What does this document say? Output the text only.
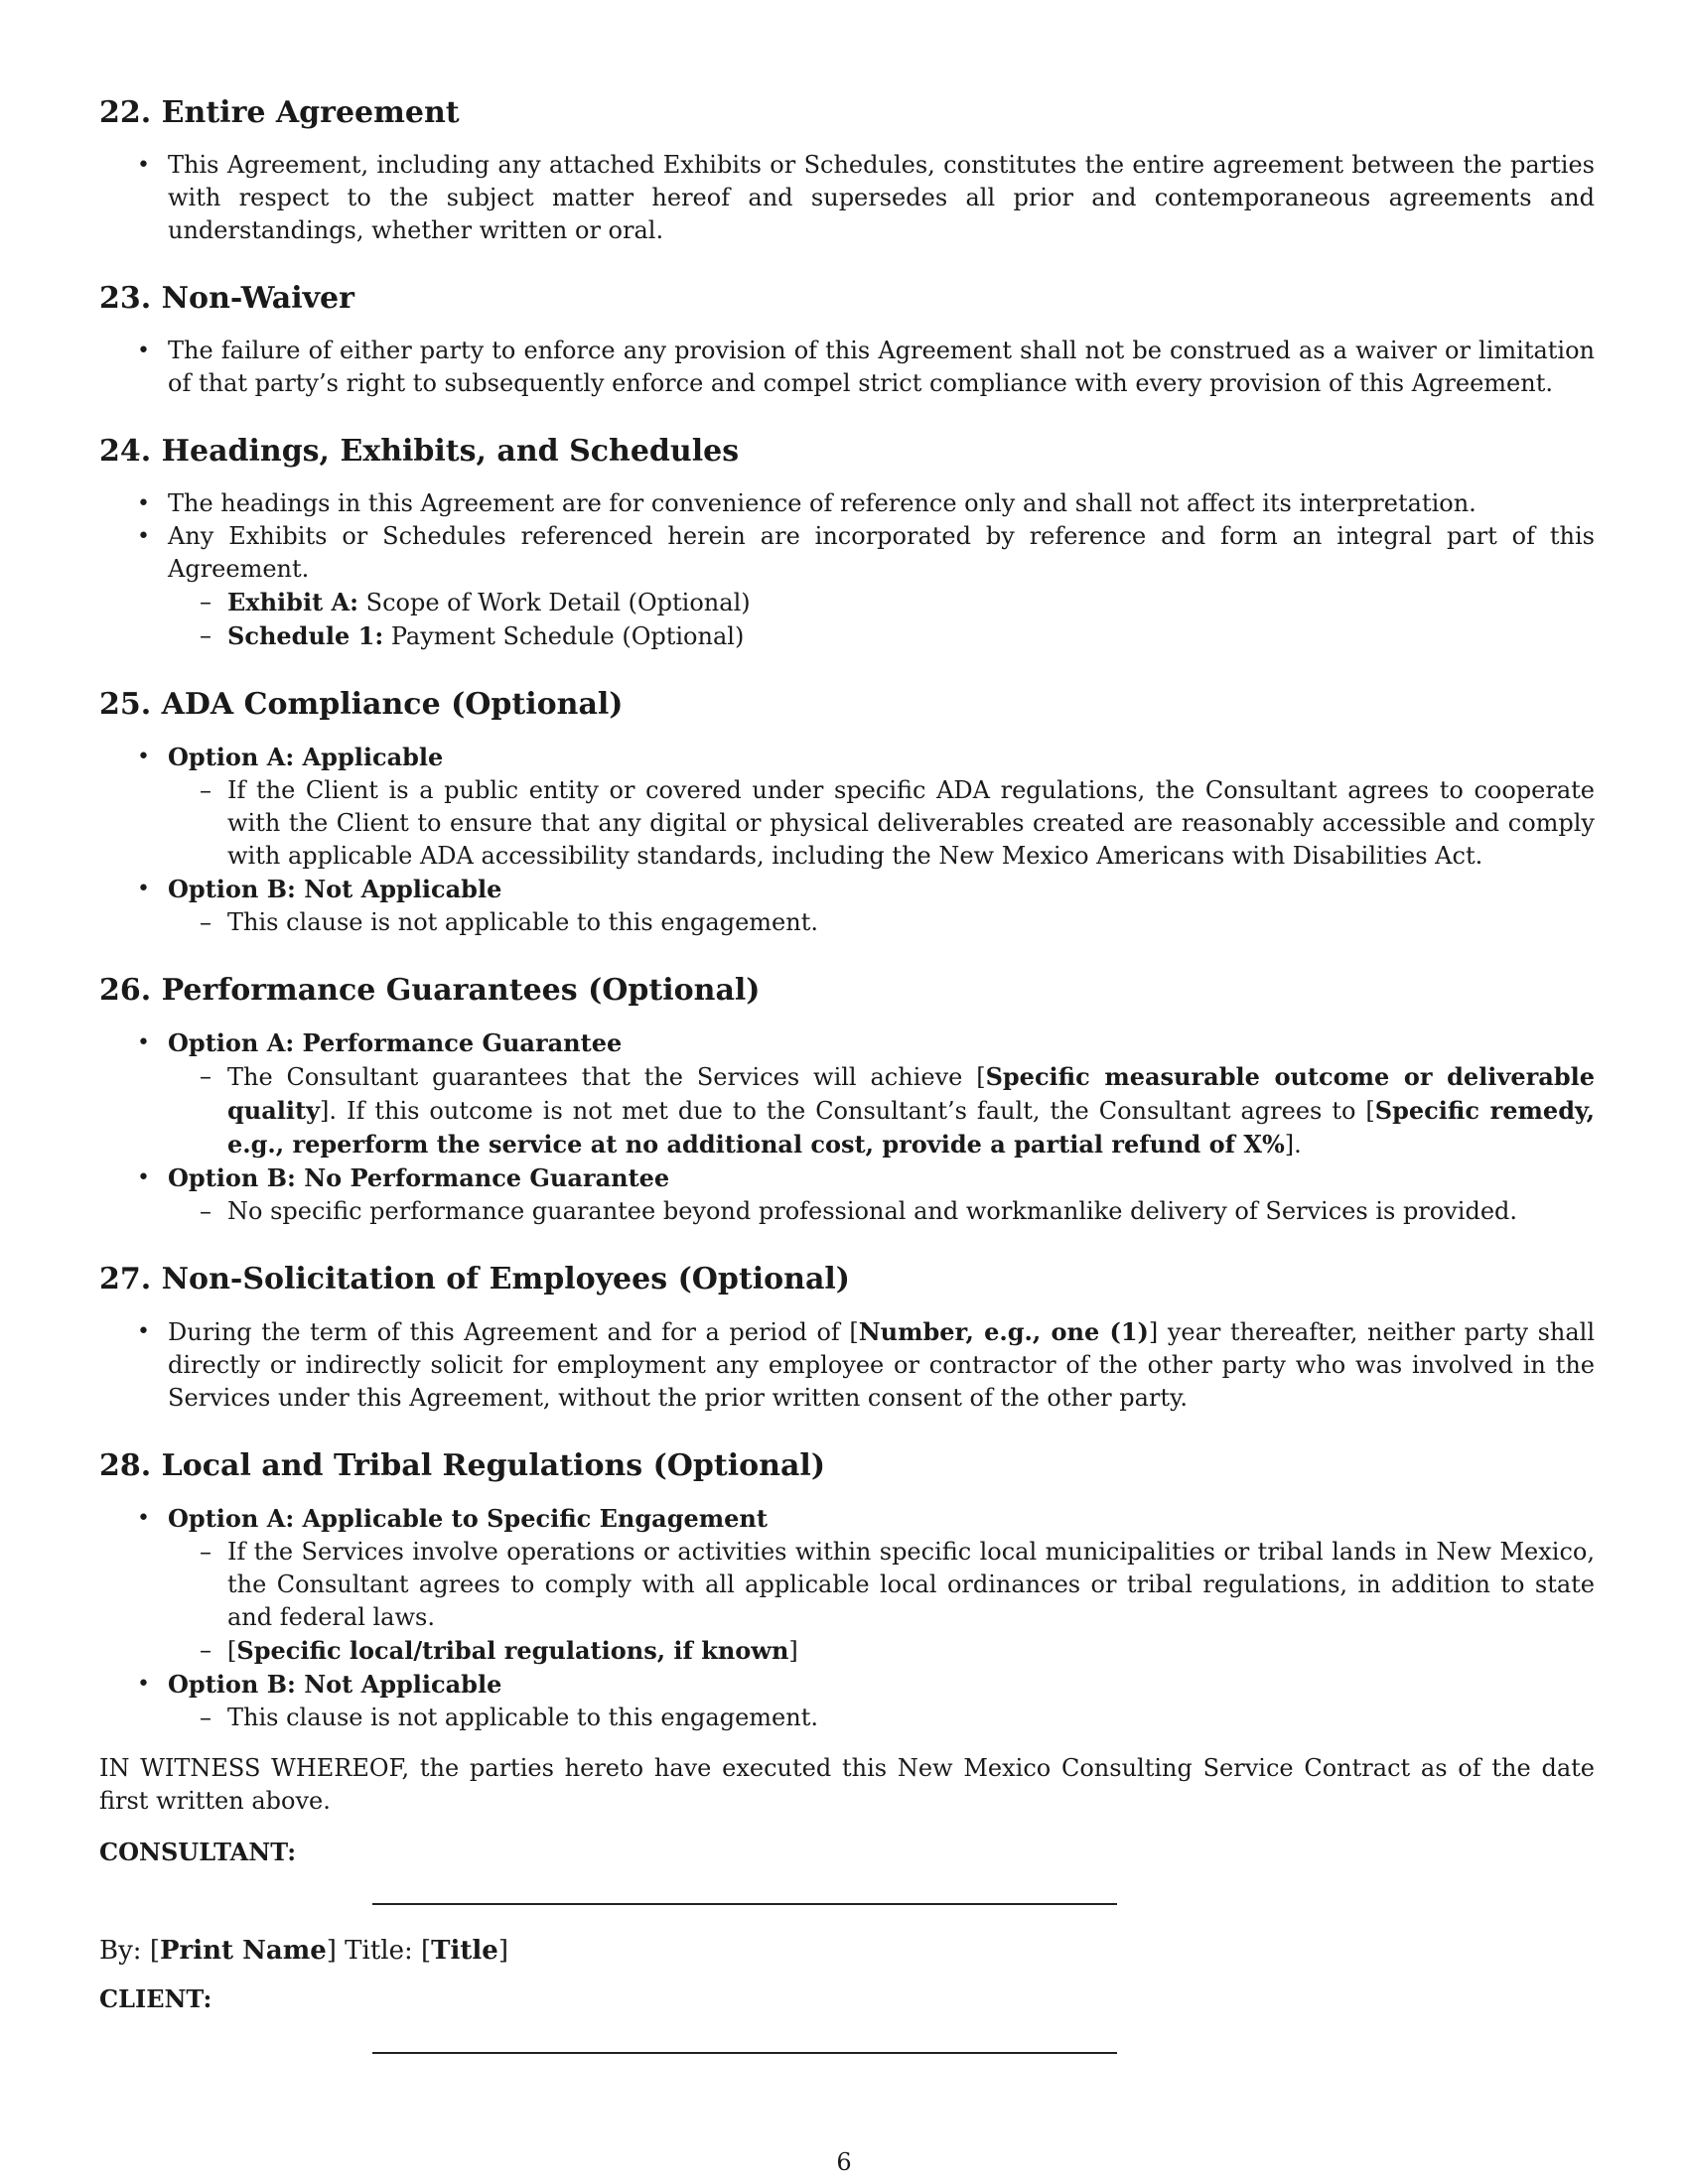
22. Entire Agreement
• This Agreement, including any attached Exhibits or Schedules, constitutes the entire agreement between the parties with respect to the subject matter hereof and supersedes all prior and contemporaneous agreements and understandings, whether written or oral.
23. Non-Waiver
• The failure of either party to enforce any provision of this Agreement shall not be construed as a waiver or limitation of that party’s right to subsequently enforce and compel strict compliance with every provision of this Agreement.
24. Headings, Exhibits, and Schedules
• The headings in this Agreement are for convenience of reference only and shall not affect its interpretation.
• Any Exhibits or Schedules referenced herein are incorporated by reference and form an integral part of this Agreement.
– Exhibit A: Scope of Work Detail (Optional)
– Schedule 1: Payment Schedule (Optional)
25. ADA Compliance (Optional)
• Option A: Applicable
– If the Client is a public entity or covered under specific ADA regulations, the Consultant agrees to cooperate with the Client to ensure that any digital or physical deliverables created are reasonably accessible and comply with applicable ADA accessibility standards, including the New Mexico Americans with Disabilities Act.
• Option B: Not Applicable
– This clause is not applicable to this engagement.
26. Performance Guarantees (Optional)
• Option A: Performance Guarantee
– The Consultant guarantees that the Services will achieve [Specific measurable outcome or deliverable quality]. If this outcome is not met due to the Consultant’s fault, the Consultant agrees to [Specific remedy, e.g., reperform the service at no additional cost, provide a partial refund of X%].
• Option B: No Performance Guarantee
– No specific performance guarantee beyond professional and workmanlike delivery of Services is provided.
27. Non-Solicitation of Employees (Optional)
• During the term of this Agreement and for a period of [Number, e.g., one (1)] year thereafter, neither party shall directly or indirectly solicit for employment any employee or contractor of the other party who was involved in the Services under this Agreement, without the prior written consent of the other party.
28. Local and Tribal Regulations (Optional)
• Option A: Applicable to Specific Engagement
– If the Services involve operations or activities within specific local municipalities or tribal lands in New Mexico, the Consultant agrees to comply with all applicable local ordinances or tribal regulations, in addition to state and federal laws.
– [Specific local/tribal regulations, if known]
• Option B: Not Applicable
– This clause is not applicable to this engagement.

IN WITNESS WHEREOF, the parties hereto have executed this New Mexico Consulting Service Contract as of the date first written above.

CONSULTANT:

By: [Print Name] Title: [Title]

CLIENT:

6
